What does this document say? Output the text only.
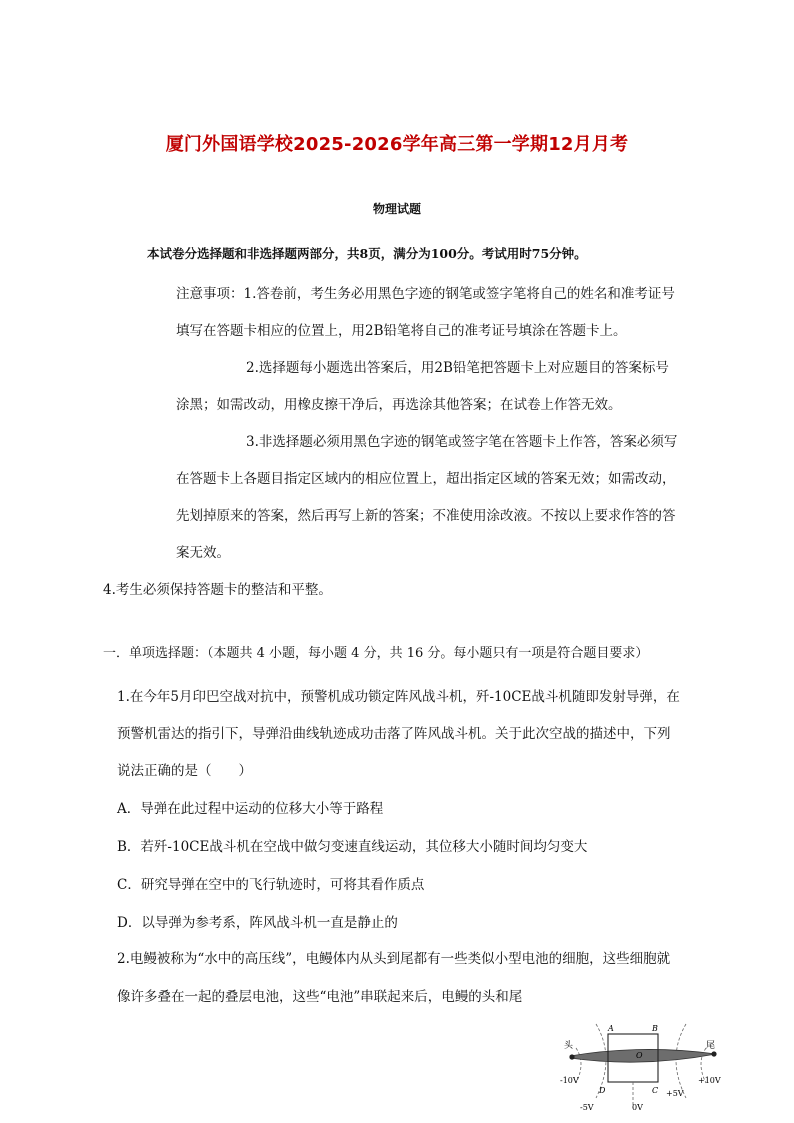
厦门外国语学校2025-2026学年高三第一学期12月月考
物理试题
本试卷分选择题和非选择题两部分，共8页，满分为100分。考试用时75分钟。
注意事项：1.答卷前，考生务必用黑色字迹的钢笔或签字笔将自己的姓名和准考证号
填写在答题卡相应的位置上，用2B铅笔将自己的准考证号填涂在答题卡上。
2.选择题每小题选出答案后，用2B铅笔把答题卡上对应题目的答案标号
涂黑；如需改动，用橡皮擦干净后，再选涂其他答案；在试卷上作答无效。
3.非选择题必须用黑色字迹的钢笔或签字笔在答题卡上作答，答案必须写
在答题卡上各题目指定区域内的相应位置上，超出指定区域的答案无效；如需改动，
先划掉原来的答案，然后再写上新的答案；不准使用涂改液。不按以上要求作答的答
案无效。
4.考生必须保持答题卡的整洁和平整。
一．单项选择题：（本题共 4 小题，每小题 4 分，共 16 分。每小题只有一项是符合题目要求）
1.在今年5月印巴空战对抗中，预警机成功锁定阵风战斗机，歼-10CE战斗机随即发射导弹，在
预警机雷达的指引下，导弹沿曲线轨迹成功击落了阵风战斗机。关于此次空战的描述中，下列
说法正确的是（　　）
A．导弹在此过程中运动的位移大小等于路程
B．若歼-10CE战斗机在空战中做匀变速直线运动，其位移大小随时间均匀变大
C．研究导弹在空中的飞行轨迹时，可将其看作质点
D．以导弹为参考系，阵风战斗机一直是静止的
2.电鳗被称为“水中的高压线”，电鳗体内从头到尾都有一些类似小型电池的细胞，这些细胞就
像许多叠在一起的叠层电池，这些“电池”串联起来后，电鳗的头和尾
头	尾
A	B
C
D
O
-10V	+10V
-5V	0V
+5V
